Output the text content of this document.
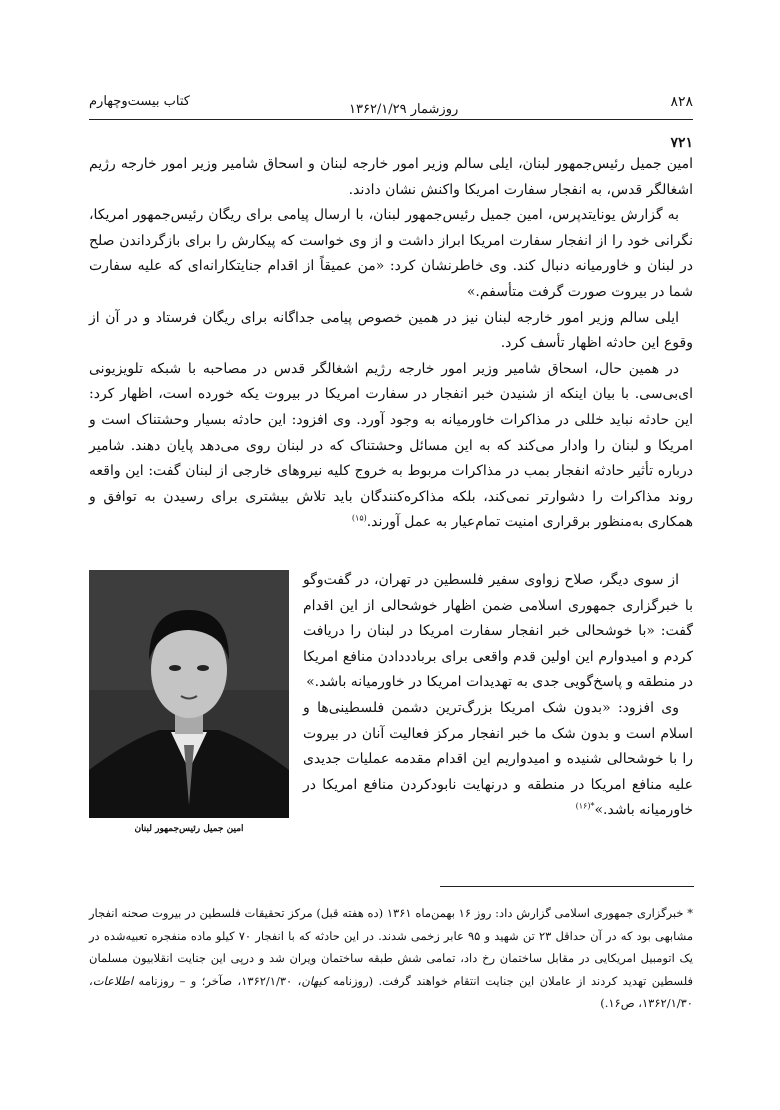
۸۲۸
روزشمار ۱۳۶۲/۱/۲۹
کتاب بیست‌وچهارم
۷۲۱

امین جمیل رئیس‌جمهور لبنان، ایلی سالم وزیر امور خارجه لبنان و اسحاق شامیر وزیر امور خارجه رژیم اشغالگر قدس، به انفجار سفارت امریکا واکنش نشان دادند.

به گزارش یونایتدپرس، امین جمیل رئیس‌جمهور لبنان، با ارسال پیامی برای ریگان رئیس‌جمهور امریکا، نگرانی خود را از انفجار سفارت امریکا ابراز داشت و از وی خواست که پیکارش را برای بازگرداندن صلح در لبنان و خاورمیانه دنبال کند. وی خاطرنشان کرد: «من عمیقاً از اقدام جنایتکارانه‌ای که علیه سفارت شما در بیروت صورت گرفت متأسفم.»

ایلی سالم وزیر امور خارجه لبنان نیز در همین خصوص پیامی جداگانه برای ریگان فرستاد و در آن از وقوع این حادثه اظهار تأسف کرد.

در همین حال، اسحاق شامیر وزیر امور خارجه رژیم اشغالگر قدس در مصاحبه با شبکه تلویزیونی ای‌بی‌سی. با بیان اینکه از شنیدن خبر انفجار در سفارت امریکا در بیروت یکه خورده است، اظهار کرد: این حادثه نباید خللی در مذاکرات خاورمیانه به وجود آورد. وی افزود: این حادثه بسیار وحشتناک است و امریکا و لبنان را وادار می‌کند که به این مسائل وحشتناک که در لبنان روی می‌دهد پایان دهند. شامیر درباره تأثیر حادثه انفجار بمب در مذاکرات مربوط به خروج کلیه نیروهای خارجی از لبنان گفت: این واقعه روند مذاکرات را دشوارتر نمی‌کند، بلکه مذاکره‌کنندگان باید تلاش بیشتری برای رسیدن به توافق و همکاری به‌منظور برقراری امنیت تمام‌عیار به عمل آورند.$^{(۱۵)}$

از سوی دیگر، صلاح زواوی سفیر فلسطین در تهران، در گفت‌وگو با خبرگزاری جمهوری اسلامی ضمن اظهار خوشحالی از این اقدام گفت: «با خوشحالی خبر انفجار سفارت امریکا در لبنان را دریافت کردم و امیدوارم این اولین قدم واقعی برای بربادددادن منافع امریکا در منطقه و پاسخ‌گویی جدی به تهدیدات امریکا در خاورمیانه باشد.»

وی افزود: «بدون شک امریکا بزرگ‌ترین دشمن فلسطینی‌ها و اسلام است و بدون شک ما خبر انفجار مرکز فعالیت آنان در بیروت را با خوشحالی شنیده و امیدواریم این اقدام مقدمه عملیات جدیدی علیه منافع امریکا در منطقه و درنهایت نابودکردن منافع امریکا در خاورمیانه باشد.»$^{*(۱۶)}$

امین جمیل رئیس‌جمهور لبنان
* خبرگزاری جمهوری اسلامی گزارش داد: روز ۱۶ بهمن‌ماه ۱۳۶۱ (ده هفته قبل) مرکز تحقیقات فلسطین در بیروت صحنه انفجار مشابهی بود که در آن حداقل ۲۳ تن شهید و ۹۵ عابر زخمی شدند. در این حادثه که با انفجار ۷۰ کیلو ماده منفجره تعبیه‌شده در یک اتومبیل امریکایی در مقابل ساختمان رخ داد، تمامی شش طبقه ساختمان ویران شد و درپی این جنایت انقلابیون مسلمان فلسطین تهدید کردند از عاملان این جنایت انتقام خواهند گرفت. (روزنامه کیهان، ۱۳۶۲/۱/۳۰، صآخر؛ و – روزنامه اطلاعات، ۱۳۶۲/۱/۳۰، ص۱۶.)
